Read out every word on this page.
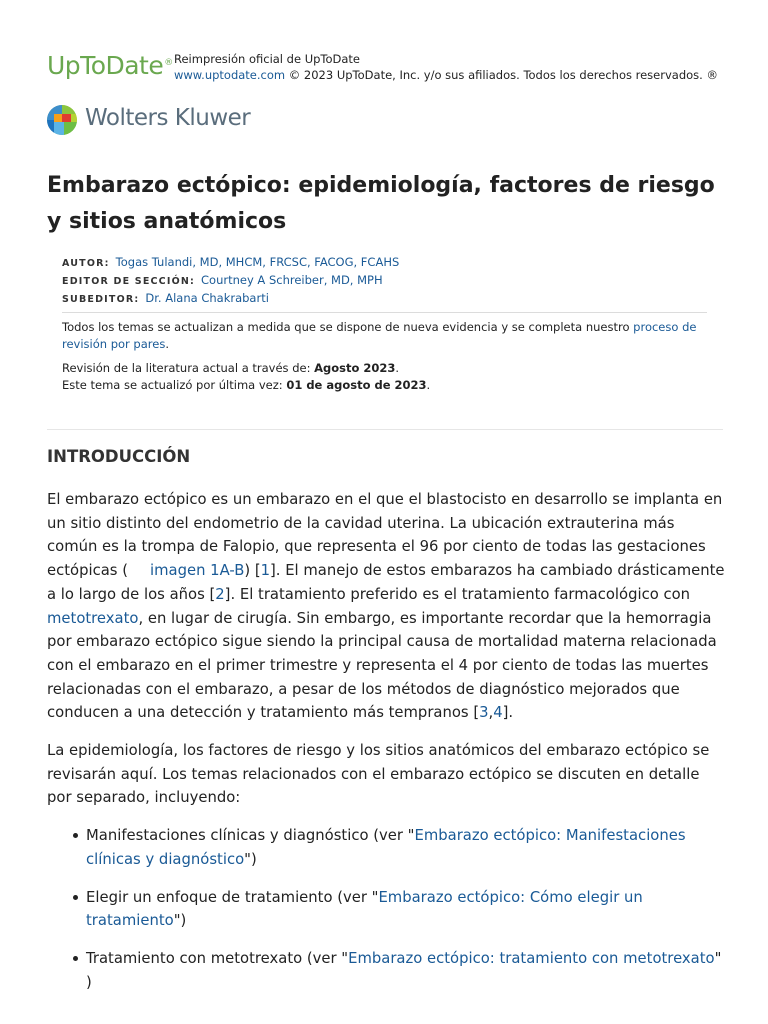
UpToDate® Reimpresión oficial de UpToDate
www.uptodate.com © 2023 UpToDate, Inc. y/o sus afiliados. Todos los derechos reservados. ®
Wolters Kluwer
Embarazo ectópico: epidemiología, factores de riesgo y sitios anatómicos
AUTOR: Togas Tulandi, MD, MHCM, FRCSC, FACOG, FCAHS
EDITOR DE SECCIÓN: Courtney A Schreiber, MD, MPH
SUBEDITOR: Dr. Alana Chakrabarti

Todos los temas se actualizan a medida que se dispone de nueva evidencia y se completa nuestro proceso de revisión por pares.

Revisión de la literatura actual a través de: Agosto 2023.

Este tema se actualizó por última vez: 01 de agosto de 2023.

INTRODUCCIÓN

El embarazo ectópico es un embarazo en el que el blastocisto en desarrollo se implanta en un sitio distinto del endometrio de la cavidad uterina. La ubicación extrauterina más común es la trompa de Falopio, que representa el 96 por ciento de todas las gestaciones ectópicas ( imagen 1A-B) [1]. El manejo de estos embarazos ha cambiado drásticamente a lo largo de los años [2]. El tratamiento preferido es el tratamiento farmacológico con metotrexato, en lugar de cirugía. Sin embargo, es importante recordar que la hemorragia por embarazo ectópico sigue siendo la principal causa de mortalidad materna relacionada con el embarazo en el primer trimestre y representa el 4 por ciento de todas las muertes relacionadas con el embarazo, a pesar de los métodos de diagnóstico mejorados que conducen a una detección y tratamiento más tempranos [3,4].

La epidemiología, los factores de riesgo y los sitios anatómicos del embarazo ectópico se revisarán aquí. Los temas relacionados con el embarazo ectópico se discuten en detalle por separado, incluyendo:

Manifestaciones clínicas y diagnóstico (ver "Embarazo ectópico: Manifestaciones clínicas y diagnóstico")
Elegir un enfoque de tratamiento (ver "Embarazo ectópico: Cómo elegir un tratamiento")
Tratamiento con metotrexato (ver "Embarazo ectópico: tratamiento con metotrexato" )
